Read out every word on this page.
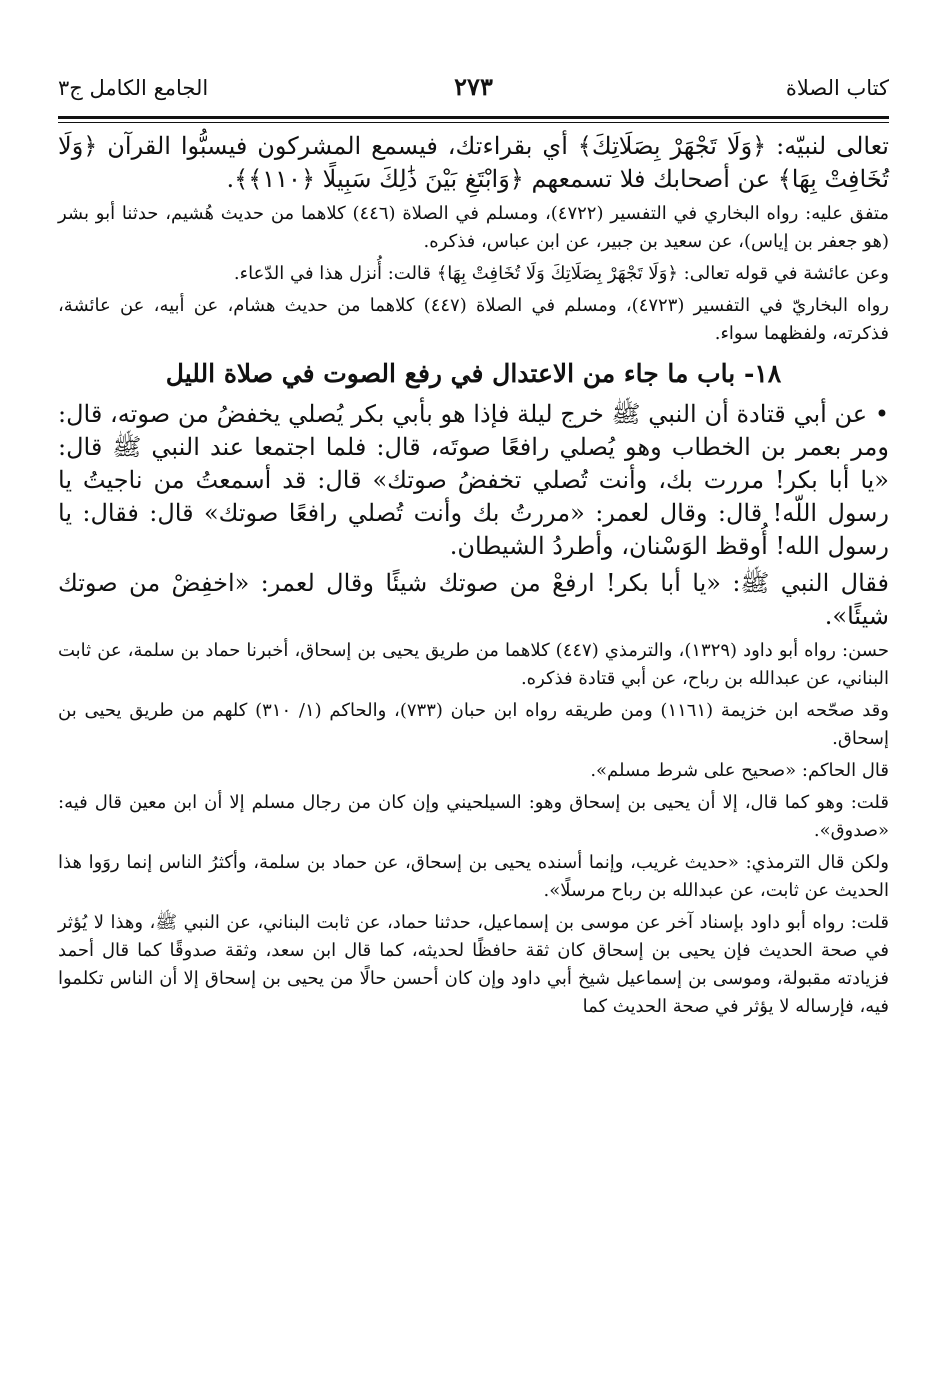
كتاب الصلاة
٢٧٣
الجامع الكامل ج٣

تعالى لنبيّه: ﴿وَلَا تَجْهَرْ بِصَلَاتِكَ﴾ أي بقراءتك، فيسمع المشركون فيسبُّوا القرآن ﴿وَلَا تُخَافِتْ بِهَا﴾ عن أصحابك فلا تسمعهم ﴿وَابْتَغِ بَيْنَ ذَٰلِكَ سَبِيلًا ﴿١١٠﴾﴾.

متفق عليه: رواه البخاري في التفسير (٤٧٢٢)، ومسلم في الصلاة (٤٤٦) كلاهما من حديث هُشيم، حدثنا أبو بشر (هو جعفر بن إياس)، عن سعيد بن جبير، عن ابن عباس، فذكره.

وعن عائشة في قوله تعالى: ﴿وَلَا تَجْهَرْ بِصَلَاتِكَ وَلَا تُخَافِتْ بِهَا﴾ قالت: أُنزل هذا في الدّعاء.

رواه البخاريّ في التفسير (٤٧٢٣)، ومسلم في الصلاة (٤٤٧) كلاهما من حديث هشام، عن أبيه، عن عائشة، فذكرته، ولفظهما سواء.

١٨- باب ما جاء من الاعتدال في رفع الصوت في صلاة الليل

• عن أبي قتادة أن النبي ﷺ خرج ليلة فإذا هو بأبي بكر يُصلي يخفضُ من صوته، قال: ومر بعمر بن الخطاب وهو يُصلي رافعًا صوتَه، قال: فلما اجتمعا عند النبي ﷺ قال: «يا أبا بكر! مررت بك، وأنت تُصلي تخفضُ صوتك» قال: قد أسمعتُ من ناجيتُ يا رسول اللّه! قال: وقال لعمر: «مررتُ بك وأنت تُصلي رافعًا صوتك» قال: فقال: يا رسول الله! أُوقظ الوَسْنان، وأطردُ الشيطان.

فقال النبي ﷺ: «يا أبا بكر! ارفعْ من صوتك شيئًا وقال لعمر: «اخفِضْ من صوتك شيئًا».

حسن: رواه أبو داود (١٣٢٩)، والترمذي (٤٤٧) كلاهما من طريق يحيى بن إسحاق، أخبرنا حماد بن سلمة، عن ثابت البناني، عن عبدالله بن رباح، عن أبي قتادة فذكره.

وقد صحّحه ابن خزيمة (١١٦١) ومن طريقه رواه ابن حبان (٧٣٣)، والحاكم (١/ ٣١٠) كلهم من طريق يحيى بن إسحاق.

قال الحاكم: «صحيح على شرط مسلم».

قلت: وهو كما قال، إلا أن يحيى بن إسحاق وهو: السيلحيني وإن كان من رجال مسلم إلا أن ابن معين قال فيه: «صدوق».

ولكن قال الترمذي: «حديث غريب، وإنما أسنده يحيى بن إسحاق، عن حماد بن سلمة، وأكثرُ الناس إنما روَوا هذا الحديث عن ثابت، عن عبدالله بن رباح مرسلًا».

قلت: رواه أبو داود بإسناد آخر عن موسى بن إسماعيل، حدثنا حماد، عن ثابت البناني، عن النبي ﷺ، وهذا لا يُؤثر في صحة الحديث فإن يحيى بن إسحاق كان ثقة حافظًا لحديثه، كما قال ابن سعد، وثقة صدوقًا كما قال أحمد فزيادته مقبولة، وموسى بن إسماعيل شيخ أبي داود وإن كان أحسن حالًا من يحيى بن إسحاق إلا أن الناس تكلموا فيه، فإرساله لا يؤثر في صحة الحديث كما
